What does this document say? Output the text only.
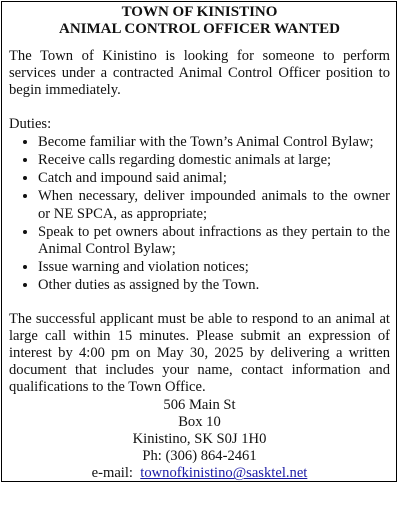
TOWN OF KINISTINO
ANIMAL CONTROL OFFICER WANTED

The Town of Kinistino is looking for someone to perform services under a contracted Animal Control Officer position to begin immediately.

Duties:

• Become familiar with the Town’s Animal Control Bylaw;
• Receive calls regarding domestic animals at large;
• Catch and impound said animal;
• When necessary, deliver impounded animals to the owner or NE SPCA, as appropriate;
• Speak to pet owners about infractions as they pertain to the Animal Control Bylaw;
• Issue warning and violation notices;
• Other duties as assigned by the Town.

The successful applicant must be able to respond to an animal at large call within 15 minutes. Please submit an expression of interest by 4:00 pm on May 30, 2025 by delivering a written document that includes your name, contact information and qualifications to the Town Office.

506 Main St
Box 10
Kinistino, SK S0J 1H0
Ph: (306) 864-2461
e-mail:  townofkinistino@sasktel.net
